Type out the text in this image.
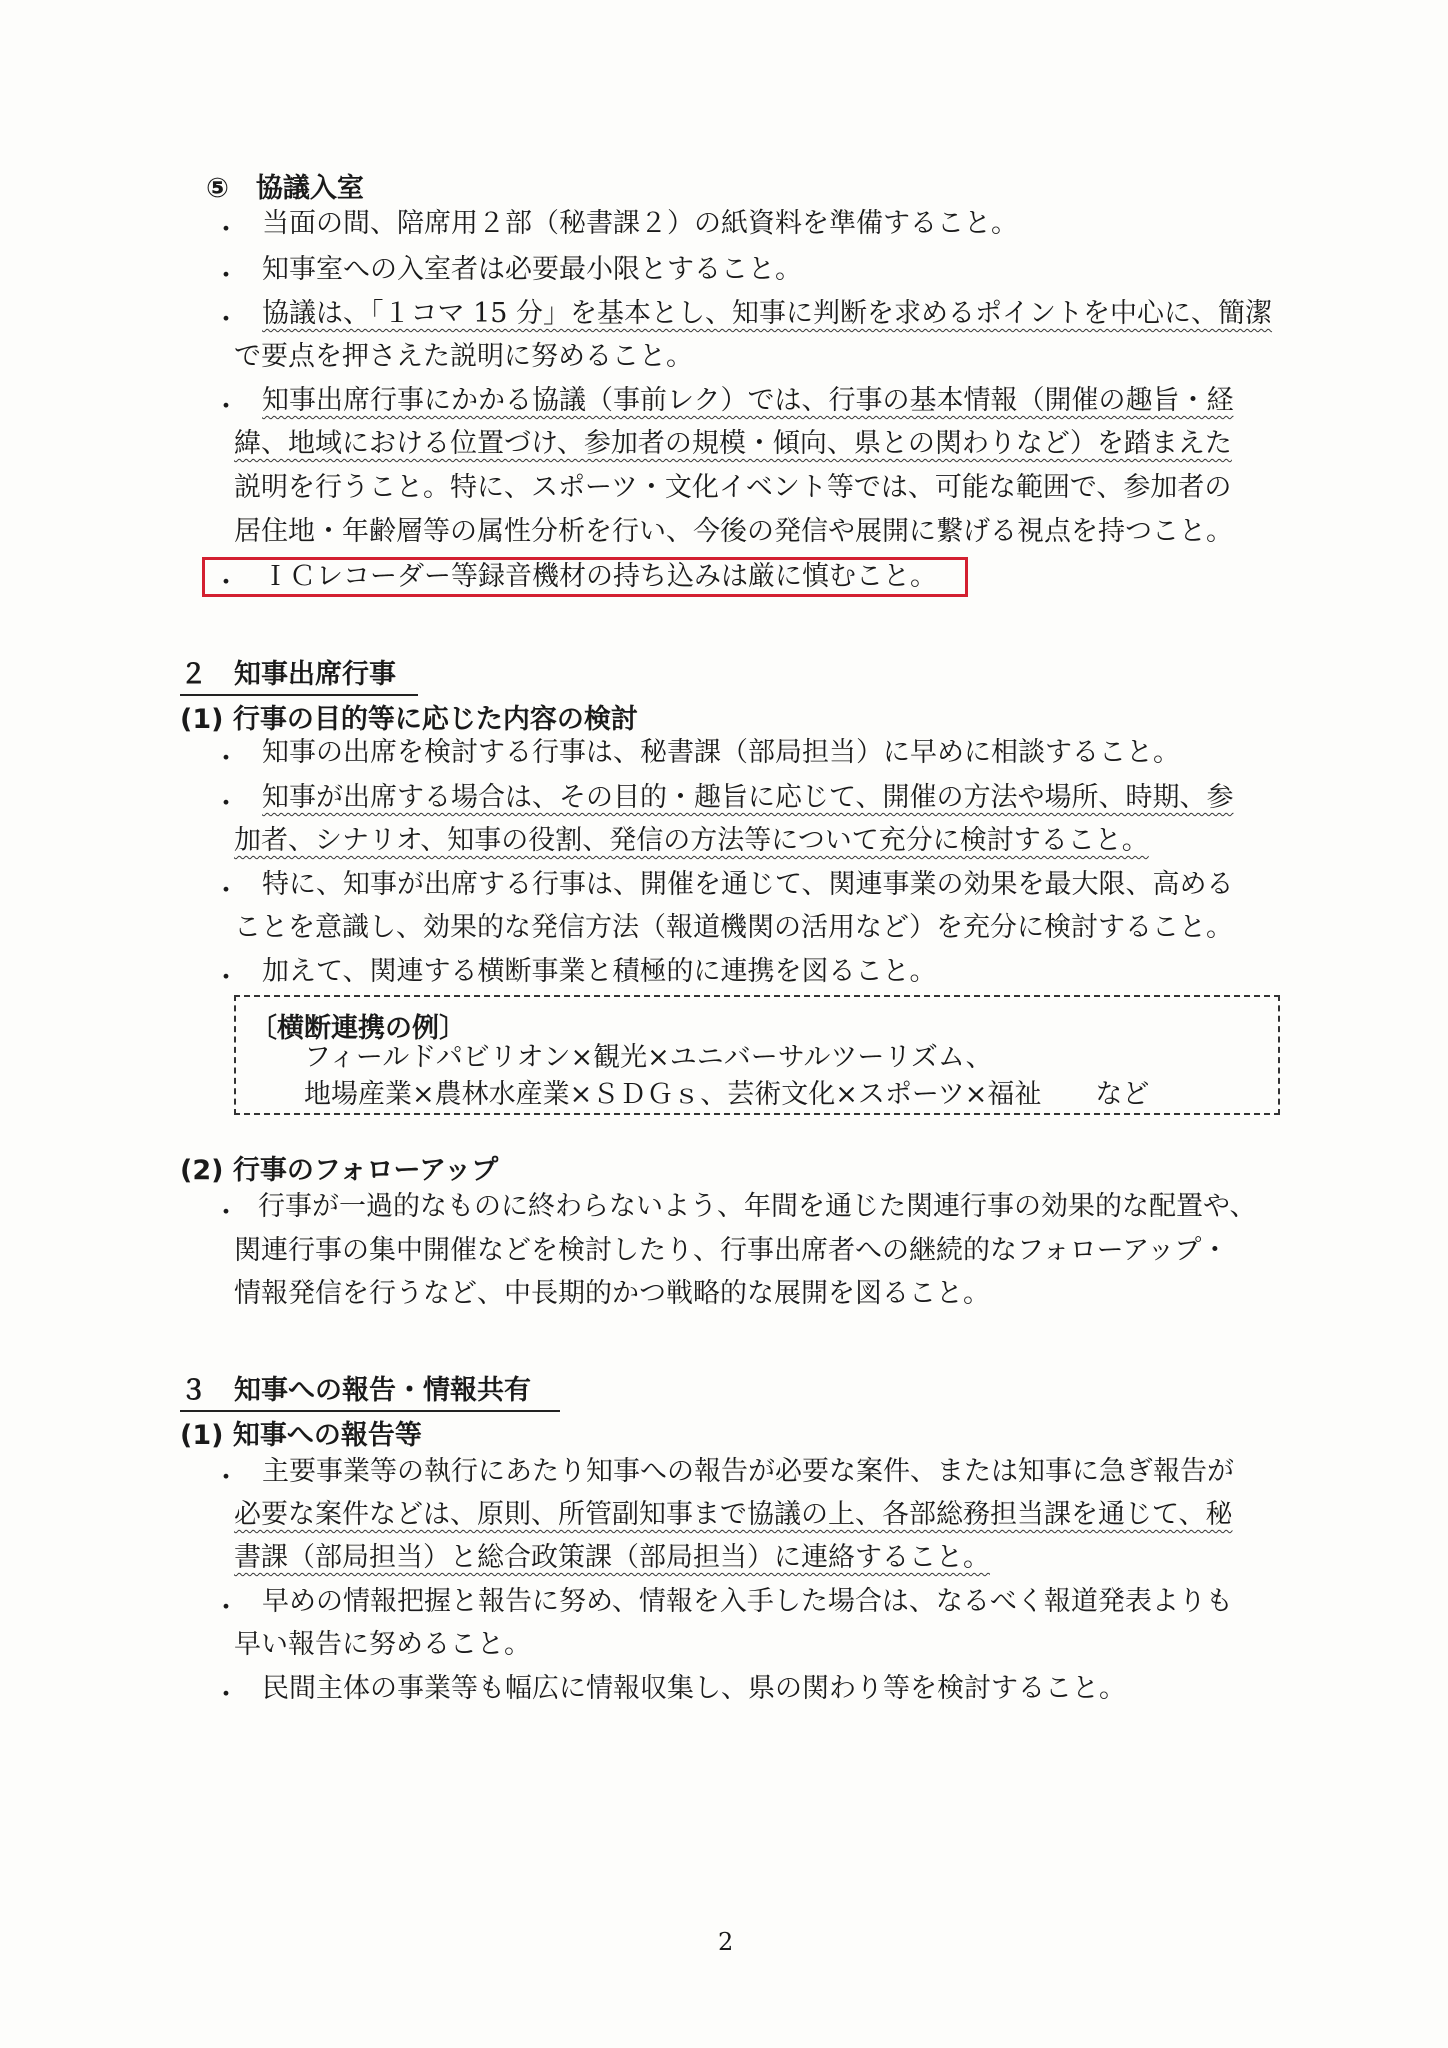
⑤　協議入室
・ 当面の間、陪席用２部（秘書課２）の紙資料を準備すること。
・ 知事室への入室者は必要最小限とすること。
・ 協議は、「１コマ 15 分」を基本とし、知事に判断を求めるポイントを中心に、簡潔
で要点を押さえた説明に努めること。
・ 知事出席行事にかかる協議（事前レク）では、行事の基本情報（開催の趣旨・経
緯、地域における位置づけ、参加者の規模・傾向、県との関わりなど）を踏まえた
説明を行うこと。特に、スポーツ・文化イベント等では、可能な範囲で、参加者の
居住地・年齢層等の属性分析を行い、今後の発信や展開に繋げる視点を持つこと。
・ ＩＣレコーダー等録音機材の持ち込みは厳に慎むこと。
２　知事出席行事
(1) 行事の目的等に応じた内容の検討
・ 知事の出席を検討する行事は、秘書課（部局担当）に早めに相談すること。
・ 知事が出席する場合は、その目的・趣旨に応じて、開催の方法や場所、時期、参
加者、シナリオ、知事の役割、発信の方法等について充分に検討すること。
・ 特に、知事が出席する行事は、開催を通じて、関連事業の効果を最大限、高める
ことを意識し、効果的な発信方法（報道機関の活用など）を充分に検討すること。
・ 加えて、関連する横断事業と積極的に連携を図ること。
〔横断連携の例〕
フィールドパビリオン×観光×ユニバーサルツーリズム、
地場産業×農林水産業×ＳＤＧｓ、芸術文化×スポーツ×福祉　　など
(2) 行事のフォローアップ
・ 行事が一過的なものに終わらないよう、年間を通じた関連行事の効果的な配置や、
関連行事の集中開催などを検討したり、行事出席者への継続的なフォローアップ・
情報発信を行うなど、中長期的かつ戦略的な展開を図ること。
３　知事への報告・情報共有
(1) 知事への報告等
・ 主要事業等の執行にあたり知事への報告が必要な案件、または知事に急ぎ報告が
必要な案件などは、原則、所管副知事まで協議の上、各部総務担当課を通じて、秘
書課（部局担当）と総合政策課（部局担当）に連絡すること。
・ 早めの情報把握と報告に努め、情報を入手した場合は、なるべく報道発表よりも
早い報告に努めること。
・ 民間主体の事業等も幅広に情報収集し、県の関わり等を検討すること。
2
